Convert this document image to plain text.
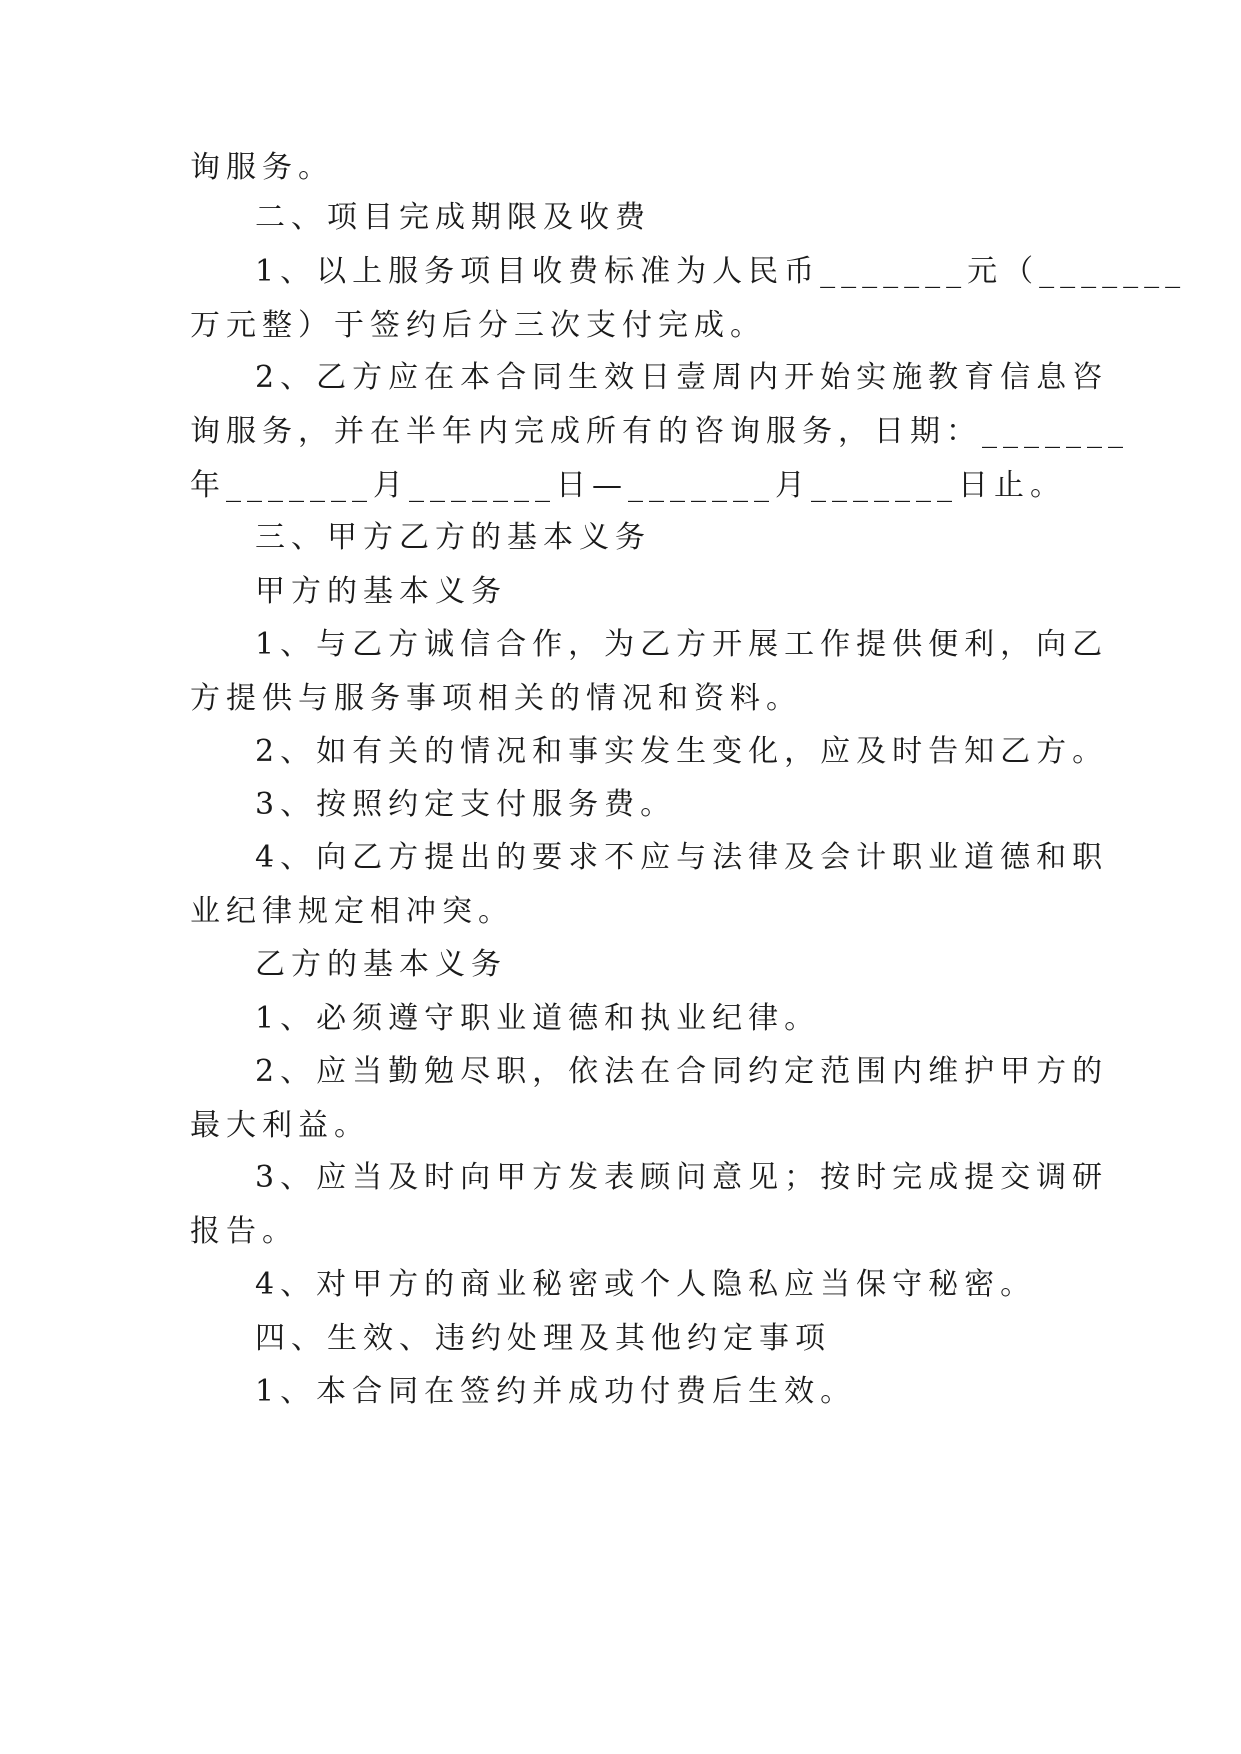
询服务。

二、项目完成期限及收费

1、以上服务项目收费标准为人民币_______元（_______

万元整）于签约后分三次支付完成。

2、乙方应在本合同生效日壹周内开始实施教育信息咨

询服务，并在半年内完成所有的咨询服务，日期：_______

年_______月_______日—_______月_______日止。

三、甲方乙方的基本义务

甲方的基本义务

1、与乙方诚信合作，为乙方开展工作提供便利，向乙

方提供与服务事项相关的情况和资料。

2、如有关的情况和事实发生变化，应及时告知乙方。

3、按照约定支付服务费。

4、向乙方提出的要求不应与法律及会计职业道德和职

业纪律规定相冲突。

乙方的基本义务

1、必须遵守职业道德和执业纪律。

2、应当勤勉尽职，依法在合同约定范围内维护甲方的

最大利益。

3、应当及时向甲方发表顾问意见；按时完成提交调研

报告。

4、对甲方的商业秘密或个人隐私应当保守秘密。

四、生效、违约处理及其他约定事项

1、本合同在签约并成功付费后生效。
